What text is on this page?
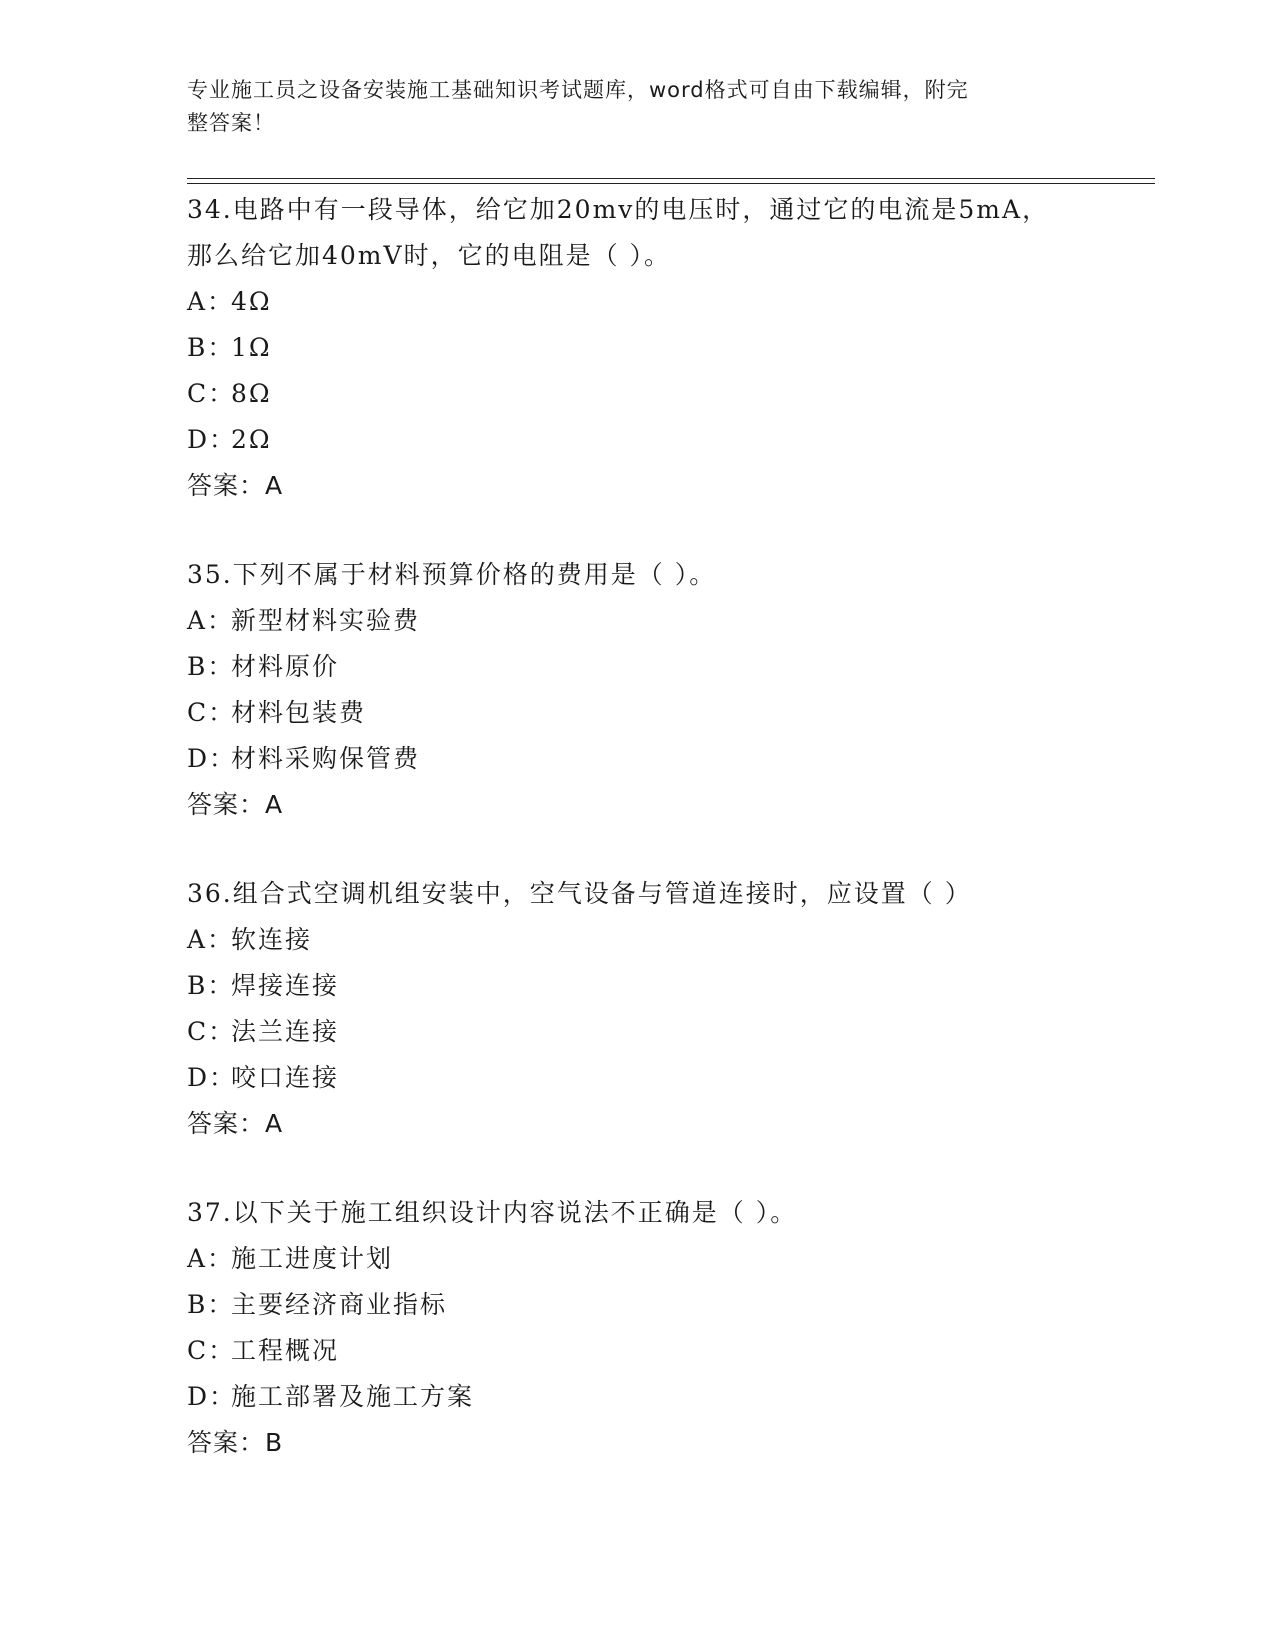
专业施工员之设备安装施工基础知识考试题库，word格式可自由下载编辑，附完
整答案！
34.电路中有一段导体，给它加20mv的电压时，通过它的电流是5mA，
那么给它加40mV时，它的电阻是（ ）。
A：4Ω
B：1Ω
C：8Ω
D：2Ω
答案：A
35.下列不属于材料预算价格的费用是（ ）。
A：新型材料实验费
B：材料原价
C：材料包装费
D：材料采购保管费
答案：A
36.组合式空调机组安装中，空气设备与管道连接时，应设置（ ）
A：软连接
B：焊接连接
C：法兰连接
D：咬口连接
答案：A
37.以下关于施工组织设计内容说法不正确是（ ）。
A：施工进度计划
B：主要经济商业指标
C：工程概况
D：施工部署及施工方案
答案：B
